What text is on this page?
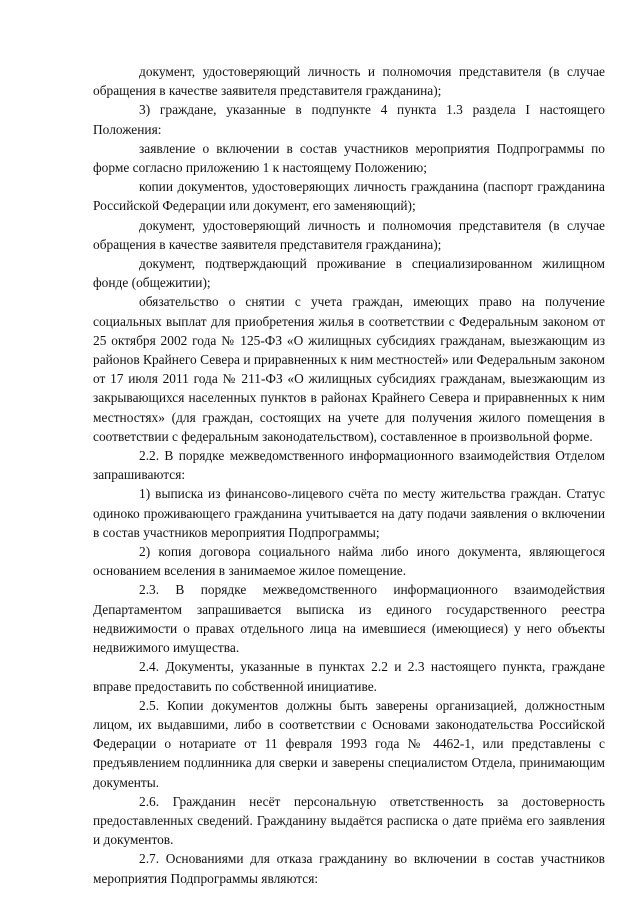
документ, удостоверяющий личность и полномочия представителя (в случае обращения в качестве заявителя представителя гражданина);

3) граждане, указанные в подпункте 4 пункта 1.3 раздела I настоящего Положения:

заявление о включении в состав участников мероприятия Подпрограммы по форме согласно приложению 1 к настоящему Положению;

копии документов, удостоверяющих личность гражданина (паспорт гражданина Российской Федерации или документ, его заменяющий);

документ, удостоверяющий личность и полномочия представителя (в случае обращения в качестве заявителя представителя гражданина);

документ, подтверждающий проживание в специализированном жилищном фонде (общежитии);

обязательство о снятии с учета граждан, имеющих право на получение социальных выплат для приобретения жилья в соответствии с Федеральным законом от 25 октября 2002 года № 125-ФЗ «О жилищных субсидиях гражданам, выезжающим из районов Крайнего Севера и приравненных к ним местностей» или Федеральным законом от 17 июля 2011 года № 211-ФЗ «О жилищных субсидиях гражданам, выезжающим из закрывающихся населенных пунктов в районах Крайнего Севера и приравненных к ним местностях» (для граждан, состоящих на учете для получения жилого помещения в соответствии с федеральным законодательством), составленное в произвольной форме.

2.2. В порядке межведомственного информационного взаимодействия Отделом запрашиваются:

1) выписка из финансово-лицевого счёта по месту жительства граждан. Статус одиноко проживающего гражданина учитывается на дату подачи заявления о включении в состав участников мероприятия Подпрограммы;

2) копия договора социального найма либо иного документа, являющегося основанием вселения в занимаемое жилое помещение.

2.3. В порядке межведомственного информационного взаимодействия Департаментом запрашивается выписка из единого государственного реестра недвижимости о правах отдельного лица на имевшиеся (имеющиеся) у него объекты недвижимого имущества.

2.4. Документы, указанные в пунктах 2.2 и 2.3 настоящего пункта, граждане вправе предоставить по собственной инициативе.

2.5. Копии документов должны быть заверены организацией, должностным лицом, их выдавшими, либо в соответствии с Основами законодательства Российской Федерации о нотариате от 11 февраля 1993 года № 4462-1, или представлены с предъявлением подлинника для сверки и заверены специалистом Отдела, принимающим документы.

2.6. Гражданин несёт персональную ответственность за достоверность предоставленных сведений. Гражданину выдаётся расписка о дате приёма его заявления и документов.

2.7. Основаниями для отказа гражданину во включении в состав участников мероприятия Подпрограммы являются:
